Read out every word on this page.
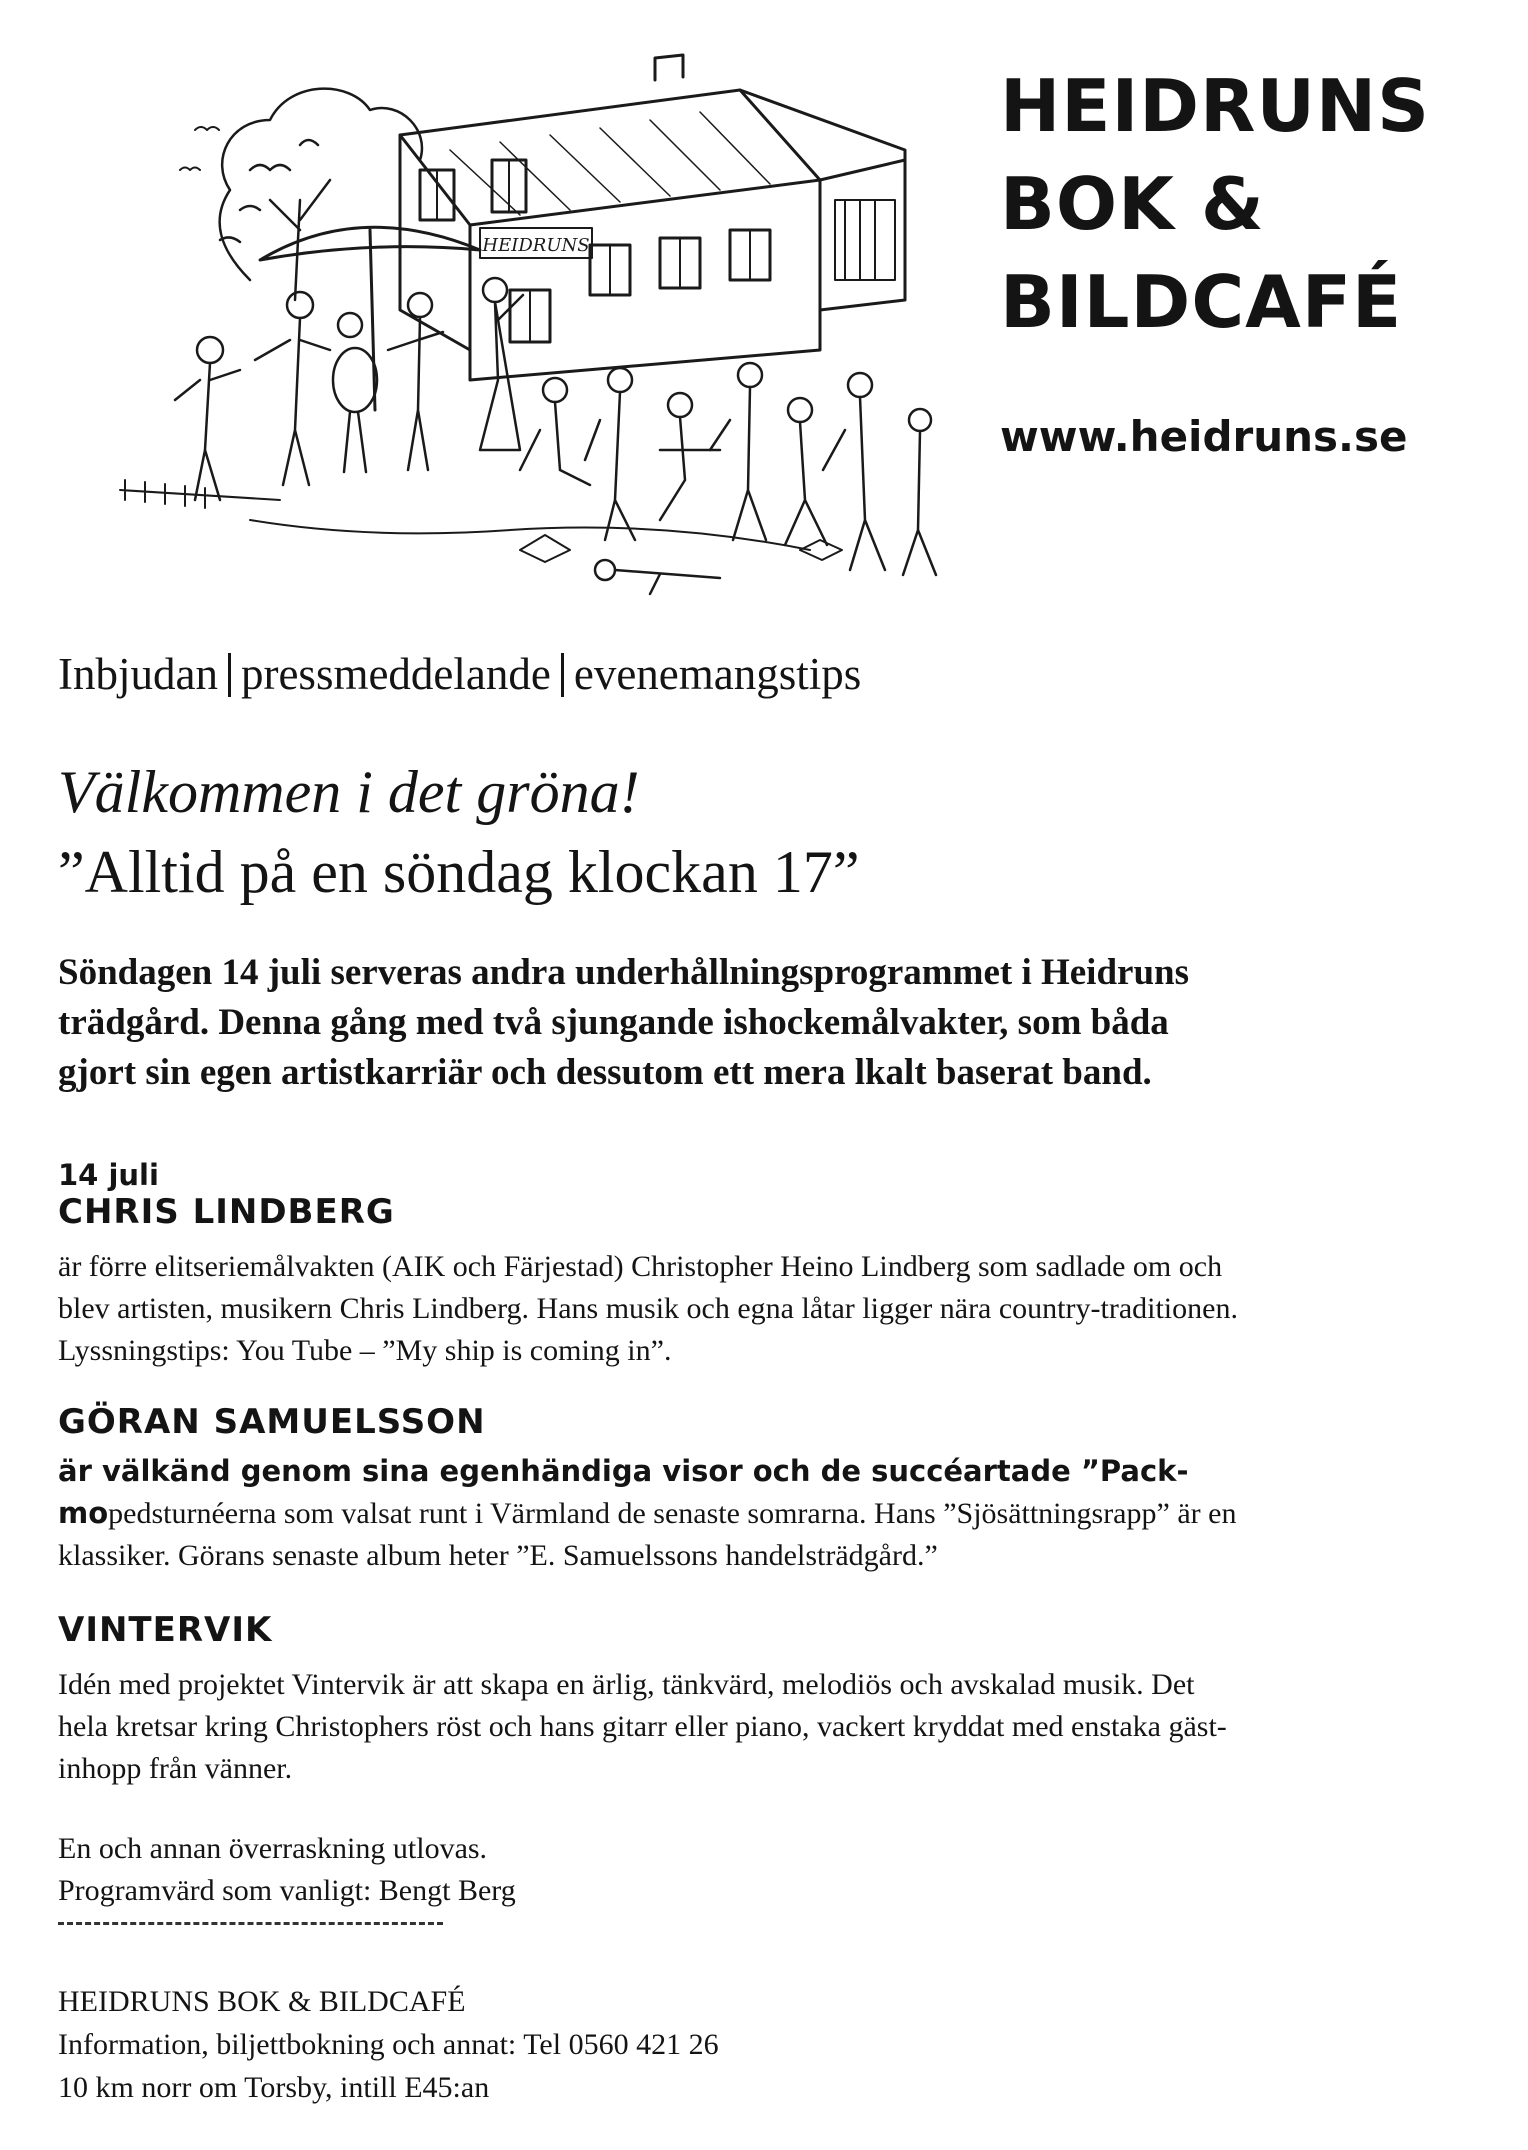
HEIDRUNS
HEIDRUNS
BOK &
BILDCAFÉ
www.heidruns.se
Inbjudan pressmeddelande evenemangstips
Välkommen i det gröna!
”Alltid på en söndag klockan 17”
Söndagen 14 juli serveras andra underhållningsprogrammet i Heidruns
trädgård. Denna gång med två sjungande ishockemålvakter, som båda
gjort sin egen artistkarriär och dessutom ett mera lkalt baserat band.
14 juli
CHRIS LINDBERG
är förre elitseriemålvakten (AIK och Färjestad) Christopher Heino Lindberg som sadlade om och
blev artisten, musikern Chris Lindberg. Hans musik och egna låtar ligger nära country-traditionen.
Lyssningstips: You Tube – ”My ship is coming in”.
GÖRAN SAMUELSSON
är välkänd genom sina egenhändiga visor och de succéartade ”Pack-
mopedsturnéerna som valsat runt i Värmland de senaste somrarna. Hans ”Sjösättningsrapp” är en
klassiker. Görans senaste album heter ”E. Samuelssons handelsträdgård.”
VINTERVIK
Idén med projektet Vintervik är att skapa en ärlig, tänkvärd, melodiös och avskalad musik. Det
hela kretsar kring Christophers röst och hans gitarr eller piano, vackert kryddat med enstaka gäst-
inhopp från vänner.
En och annan överraskning utlovas.
Programvärd som vanligt: Bengt Berg
HEIDRUNS BOK & BILDCAFÉ
Information, biljettbokning och annat: Tel 0560 421 26
10 km norr om Torsby, intill E45:an
